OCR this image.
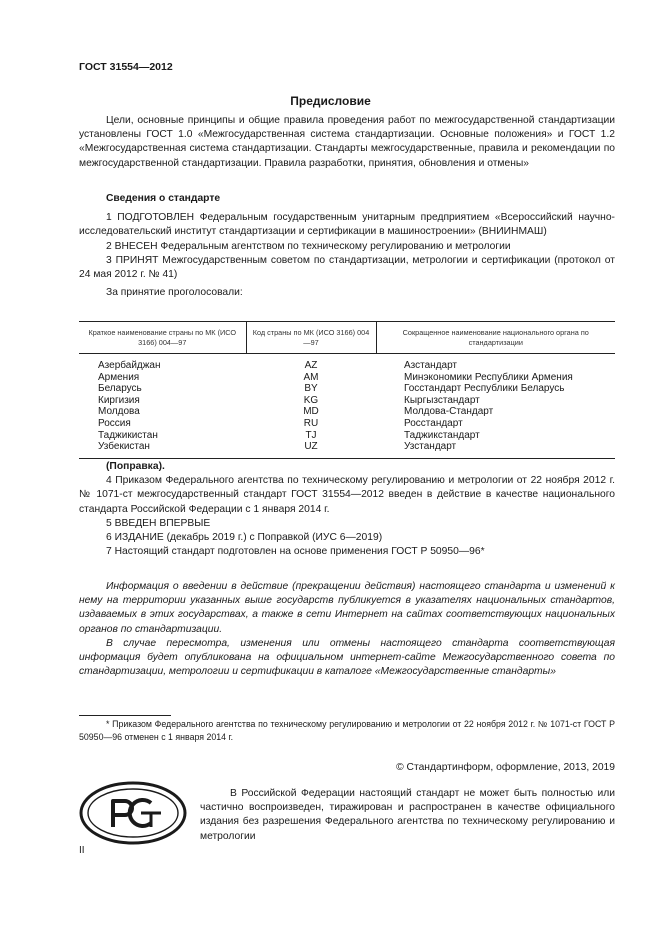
ГОСТ 31554—2012
Предисловие

Цели, основные принципы и общие правила проведения работ по межгосударственной стандартизации установлены ГОСТ 1.0 «Межгосударственная система стандартизации. Основные положения» и ГОСТ 1.2 «Межгосударственная система стандартизации. Стандарты межгосударственные, правила и рекомендации по межгосударственной стандартизации. Правила разработки, принятия, обновления и отмены»

Сведения о стандарте

1 ПОДГОТОВЛЕН Федеральным государственным унитарным предприятием «Всероссийский научно-исследовательский институт стандартизации и сертификации в машиностроении» (ВНИИНМАШ)

2 ВНЕСЕН Федеральным агентством по техническому регулированию и метрологии

3 ПРИНЯТ Межгосударственным советом по стандартизации, метрологии и сертификации (протокол от 24 мая 2012 г. № 41)

За принятие проголосовали:

Краткое наименование страны по МК (ИСО 3166) 004—97	Код страны по МК (ИСО 3166) 004—97	Сокращенное наименование национального органа по стандартизации
Азербайджан	AZ	Азстандарт
Армения	AM	Минэкономики Республики Армения
Беларусь	BY	Госстандарт Республики Беларусь
Киргизия	KG	Кыргызстандарт
Молдова	MD	Молдова-Стандарт
Россия	RU	Росстандарт
Таджикистан	TJ	Таджикстандарт
Узбекистан	UZ	Узстандарт

(Поправка).

4 Приказом Федерального агентства по техническому регулированию и метрологии от 22 ноября 2012 г. № 1071-ст межгосударственный стандарт ГОСТ 31554—2012 введен в действие в качестве национального стандарта Российской Федерации с 1 января 2014 г.

5 ВВЕДЕН ВПЕРВЫЕ

6 ИЗДАНИЕ (декабрь 2019 г.) с Поправкой (ИУС 6—2019)

7 Настоящий стандарт подготовлен на основе применения ГОСТ Р 50950—96*

Информация о введении в действие (прекращении действия) настоящего стандарта и изменений к нему на территории указанных выше государств публикуется в указателях национальных стандартов, издаваемых в этих государствах, а также в сети Интернет на сайтах соответствующих национальных органов по стандартизации.

В случае пересмотра, изменения или отмены настоящего стандарта соответствующая информация будет опубликована на официальном интернет-сайте Межгосударственного совета по стандартизации, метрологии и сертификации в каталоге «Межгосударственные стандарты»

* Приказом Федерального агентства по техническому регулированию и метрологии от 22 ноября 2012 г. № 1071-ст ГОСТ Р 50950—96 отменен с 1 января 2014 г.
© Стандартинформ, оформление, 2013, 2019
В Российской Федерации настоящий стандарт не может быть полностью или частично воспроизведен, тиражирован и распространен в качестве официального издания без разрешения Федерального агентства по техническому регулированию и метрологии
II
